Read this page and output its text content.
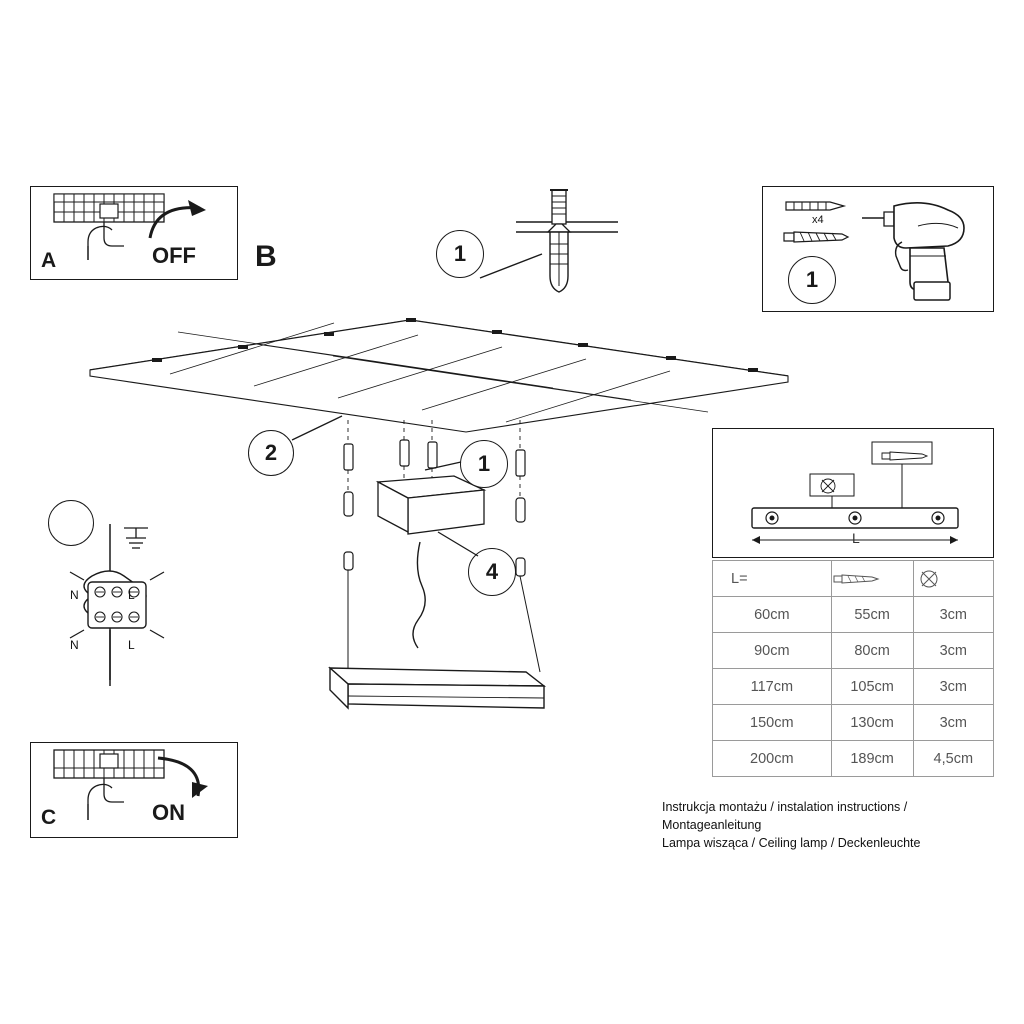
A	OFF B	1
1
x4
2	1
4
N	L
N	L
C	ON
L
L=	

60cm	55cm	3cm
90cm	80cm	3cm
117cm	105cm	3cm
150cm	130cm	3cm
200cm	189cm	4,5cm
Instrukcja montażu / instalation instructions / Montageanleitung
Lampa wisząca / Ceiling lamp / Deckenleuchte
